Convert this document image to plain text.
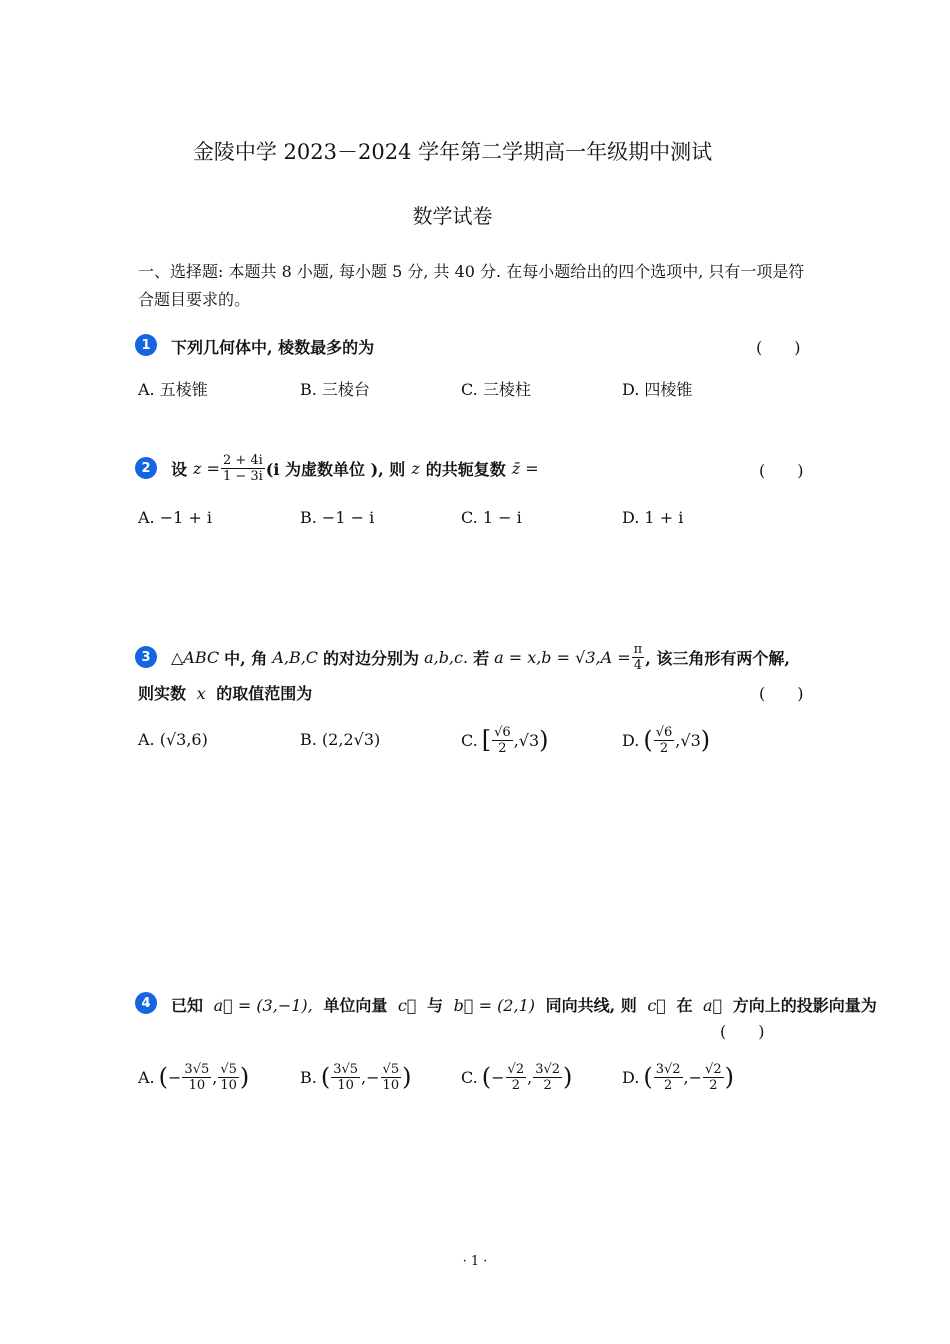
金陵中学 2023－2024 学年第二学期高一年级期中测试
数学试卷
一、选择题: 本题共 8 小题, 每小题 5 分, 共 40 分. 在每小题给出的四个选项中, 只有一项是符合题目要求的。
1	下列几何体中, 棱数最多的为	(　　)
A. 五棱锥	B. 三棱台	C. 三棱柱	D. 四棱锥
2	设 $z = \frac{2 + 4i}{1 - 3i} (i$ 为虚数单位 ), 则 z 的共轭复数 z̄ =	(　　)
A. −1 + i	B. −1 − i	C. 1 − i	D. 1 + i
3	△ABC 中, 角 A,B,C 的对边分别为 a,b,c. 若 $a = x,b = √3,A = \frac{\pi}{4}$ , 该三角形有两个解,
则实数 x 的取值范围为	(　　)
A. (√3,6)	B. (2,2√3)	C. [ $\frac{√6}{2} ,√3$ )	D. ( $\frac{√6}{2} ,√3$ )
4	已知 a⃗ = (3,−1), 单位向量 c⃗ 与 b⃗ = (2,1) 同向共线, 则 c⃗ 在 a⃗ 方向上的投影向量为
(　　)
A. ( − $\frac{3√5}{10}$ , $\frac{√5}{10}$ )	B. ( $\frac{3√5}{10}$ , − $\frac{√5}{10}$ )	C. ( − $\frac{√2}{2}$ , $\frac{3√2}{2}$ )	D. ( $\frac{3√2}{2}$ , − $\frac{√2}{2}$ )
· 1 ·
